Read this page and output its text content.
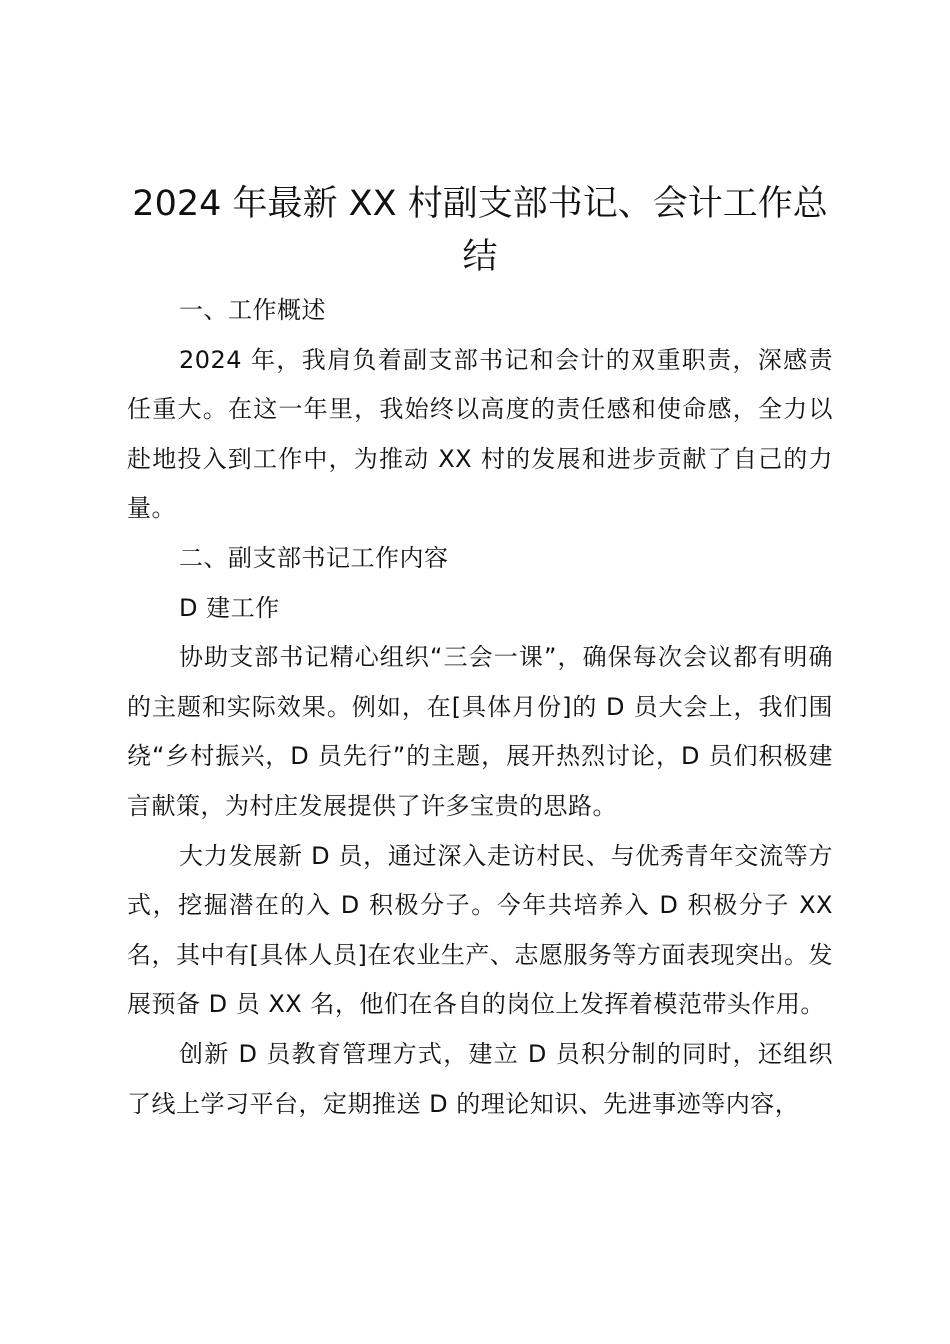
2024 年最新 XX 村副支部书记、会计工作总结

一、工作概述

2024 年，我肩负着副支部书记和会计的双重职责，深感责任重大。在这一年里，我始终以高度的责任感和使命感，全力以赴地投入到工作中，为推动 XX 村的发展和进步贡献了自己的力量。

二、副支部书记工作内容

D 建工作

协助支部书记精心组织“三会一课”，确保每次会议都有明确的主题和实际效果。例如，在[具体月份]的 D 员大会上，我们围绕“乡村振兴，D 员先行”的主题，展开热烈讨论，D 员们积极建言献策，为村庄发展提供了许多宝贵的思路。

大力发展新 D 员，通过深入走访村民、与优秀青年交流等方式，挖掘潜在的入 D 积极分子。今年共培养入 D 积极分子 XX 名，其中有[具体人员]在农业生产、志愿服务等方面表现突出。发展预备 D 员 XX 名，他们在各自的岗位上发挥着模范带头作用。

创新 D 员教育管理方式，建立 D 员积分制的同时，还组织了线上学习平台，定期推送 D 的理论知识、先进事迹等内容，
